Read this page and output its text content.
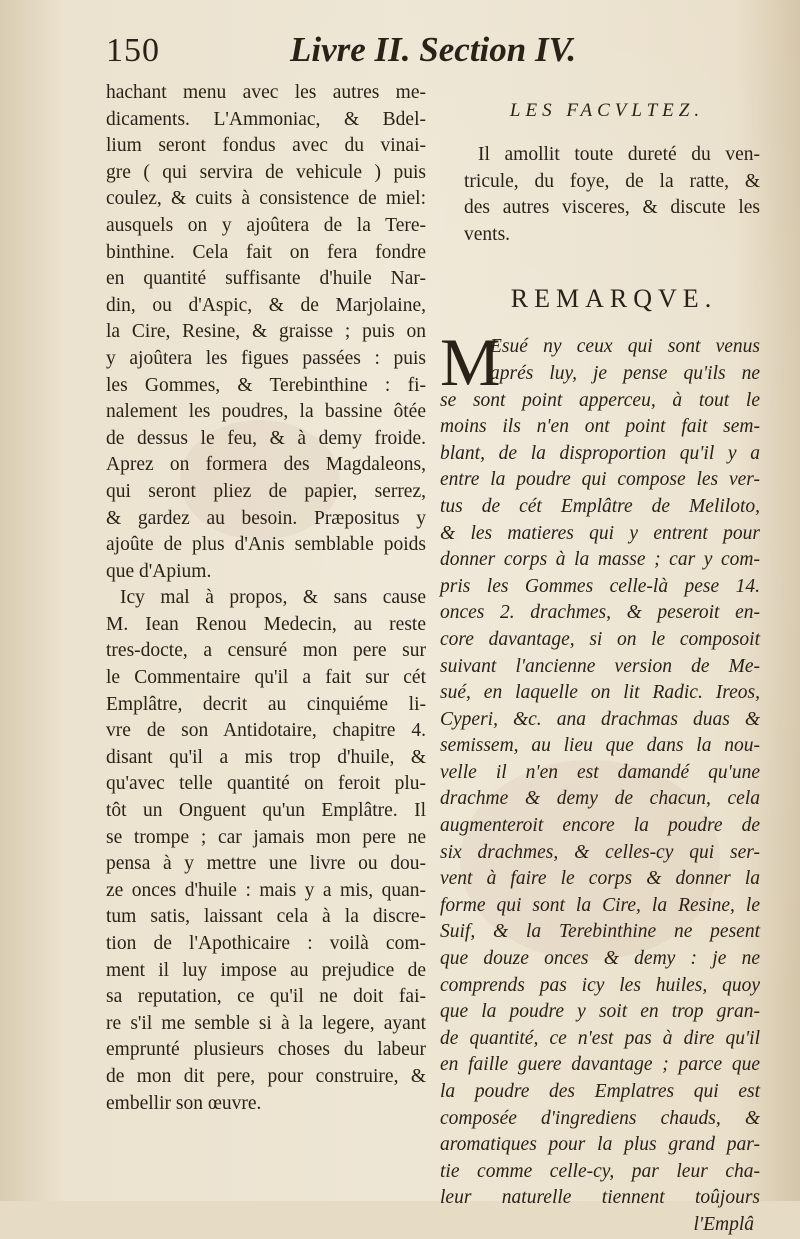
150	Livre II. Section IV.
hachant menu avec les autres me-
dicaments. L'Ammoniac, & Bdel-
lium seront fondus avec du vinai-
gre ( qui servira de vehicule ) puis
coulez, & cuits à consistence de miel:
ausquels on y ajoûtera de la Tere-
binthine. Cela fait on fera fondre
en quantité suffisante d'huile Nar-
din, ou d'Aspic, & de Marjolaine,
la Cire, Resine, & graisse ; puis on
y ajoûtera les figues passées : puis
les Gommes, & Terebinthine : fi-
nalement les poudres, la bassine ôtée
de dessus le feu, & à demy froide.
Aprez on formera des Magdaleons,
qui seront pliez de papier, serrez,
& gardez au besoin. Præpositus y
ajoûte de plus d'Anis semblable poids
que d'Apium.
Icy mal à propos, & sans cause
M. Iean Renou Medecin, au reste
tres-docte, a censuré mon pere sur
le Commentaire qu'il a fait sur cét
Emplâtre, decrit au cinquiéme li-
vre de son Antidotaire, chapitre 4.
disant qu'il a mis trop d'huile, &
qu'avec telle quantité on feroit plu-
tôt un Onguent qu'un Emplâtre. Il
se trompe ; car jamais mon pere ne
pensa à y mettre une livre ou dou-
ze onces d'huile : mais y a mis, quan-
tum satis, laissant cela à la discre-
tion de l'Apothicaire : voilà com-
ment il luy impose au prejudice de
sa reputation, ce qu'il ne doit fai-
re s'il me semble si à la legere, ayant
emprunté plusieurs choses du labeur
de mon dit pere, pour construire, &
embellir son œuvre.
LES FACVLTEZ.
Il amollit toute dureté du ven-
tricule, du foye, de la ratte, &
des autres visceres, & discute les
vents.
REMARQVE.
M
Esué ny ceux qui sont venus
aprés luy, je pense qu'ils ne
se sont point apperceu, à tout le
moins ils n'en ont point fait sem-
blant, de la disproportion qu'il y a
entre la poudre qui compose les ver-
tus de cét Emplâtre de Meliloto,
& les matieres qui y entrent pour
donner corps à la masse ; car y com-
pris les Gommes celle-là pese 14.
onces 2. drachmes, & peseroit en-
core davantage, si on le composoit
suivant l'ancienne version de Me-
sué, en laquelle on lit Radic. Ireos,
Cyperi, &c. ana drachmas duas &
semissem, au lieu que dans la nou-
velle il n'en est damandé qu'une
drachme & demy de chacun, cela
augmenteroit encore la poudre de
six drachmes, & celles-cy qui ser-
vent à faire le corps & donner la
forme qui sont la Cire, la Resine, le
Suif, & la Terebinthine ne pesent
que douze onces & demy : je ne
comprends pas icy les huiles, quoy
que la poudre y soit en trop gran-
de quantité, ce n'est pas à dire qu'il
en faille guere davantage ; parce que
la poudre des Emplatres qui est
composée d'ingrediens chauds, &
aromatiques pour la plus grand par-
tie comme celle-cy, par leur cha-
leur naturelle tiennent toûjours
l'Emplâ
